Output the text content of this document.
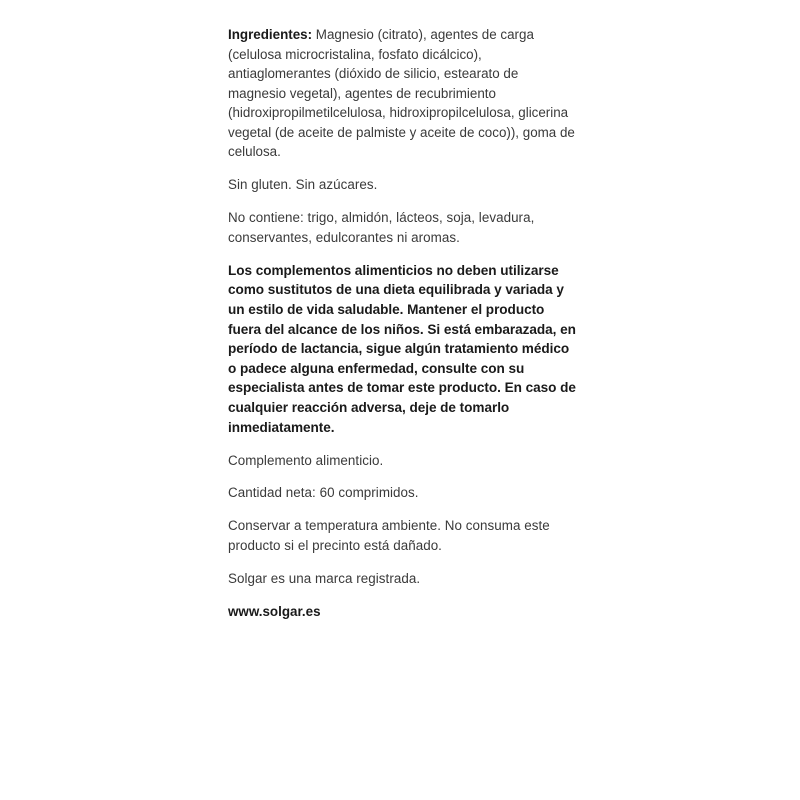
Ingredientes: Magnesio (citrato), agentes de carga (celulosa microcristalina, fosfato dicálcico), antiaglomerantes (dióxido de silicio, estearato de magnesio vegetal), agentes de recubrimiento (hidroxipropilmetilcelulosa, hidroxipropilcelulosa, glicerina vegetal (de aceite de palmiste y aceite de coco)), goma de celulosa.

Sin gluten. Sin azúcares.

No contiene: trigo, almidón, lácteos, soja, levadura, conservantes, edulcorantes ni aromas.

Los complementos alimenticios no deben utilizarse como sustitutos de una dieta equilibrada y variada y un estilo de vida saludable. Mantener el producto fuera del alcance de los niños. Si está embarazada, en período de lactancia, sigue algún tratamiento médico o padece alguna enfermedad, consulte con su especialista antes de tomar este producto. En caso de cualquier reacción adversa, deje de tomarlo inmediatamente.

Complemento alimenticio.

Cantidad neta: 60 comprimidos.

Conservar a temperatura ambiente. No consuma este producto si el precinto está dañado.

Solgar es una marca registrada.

www.solgar.es
